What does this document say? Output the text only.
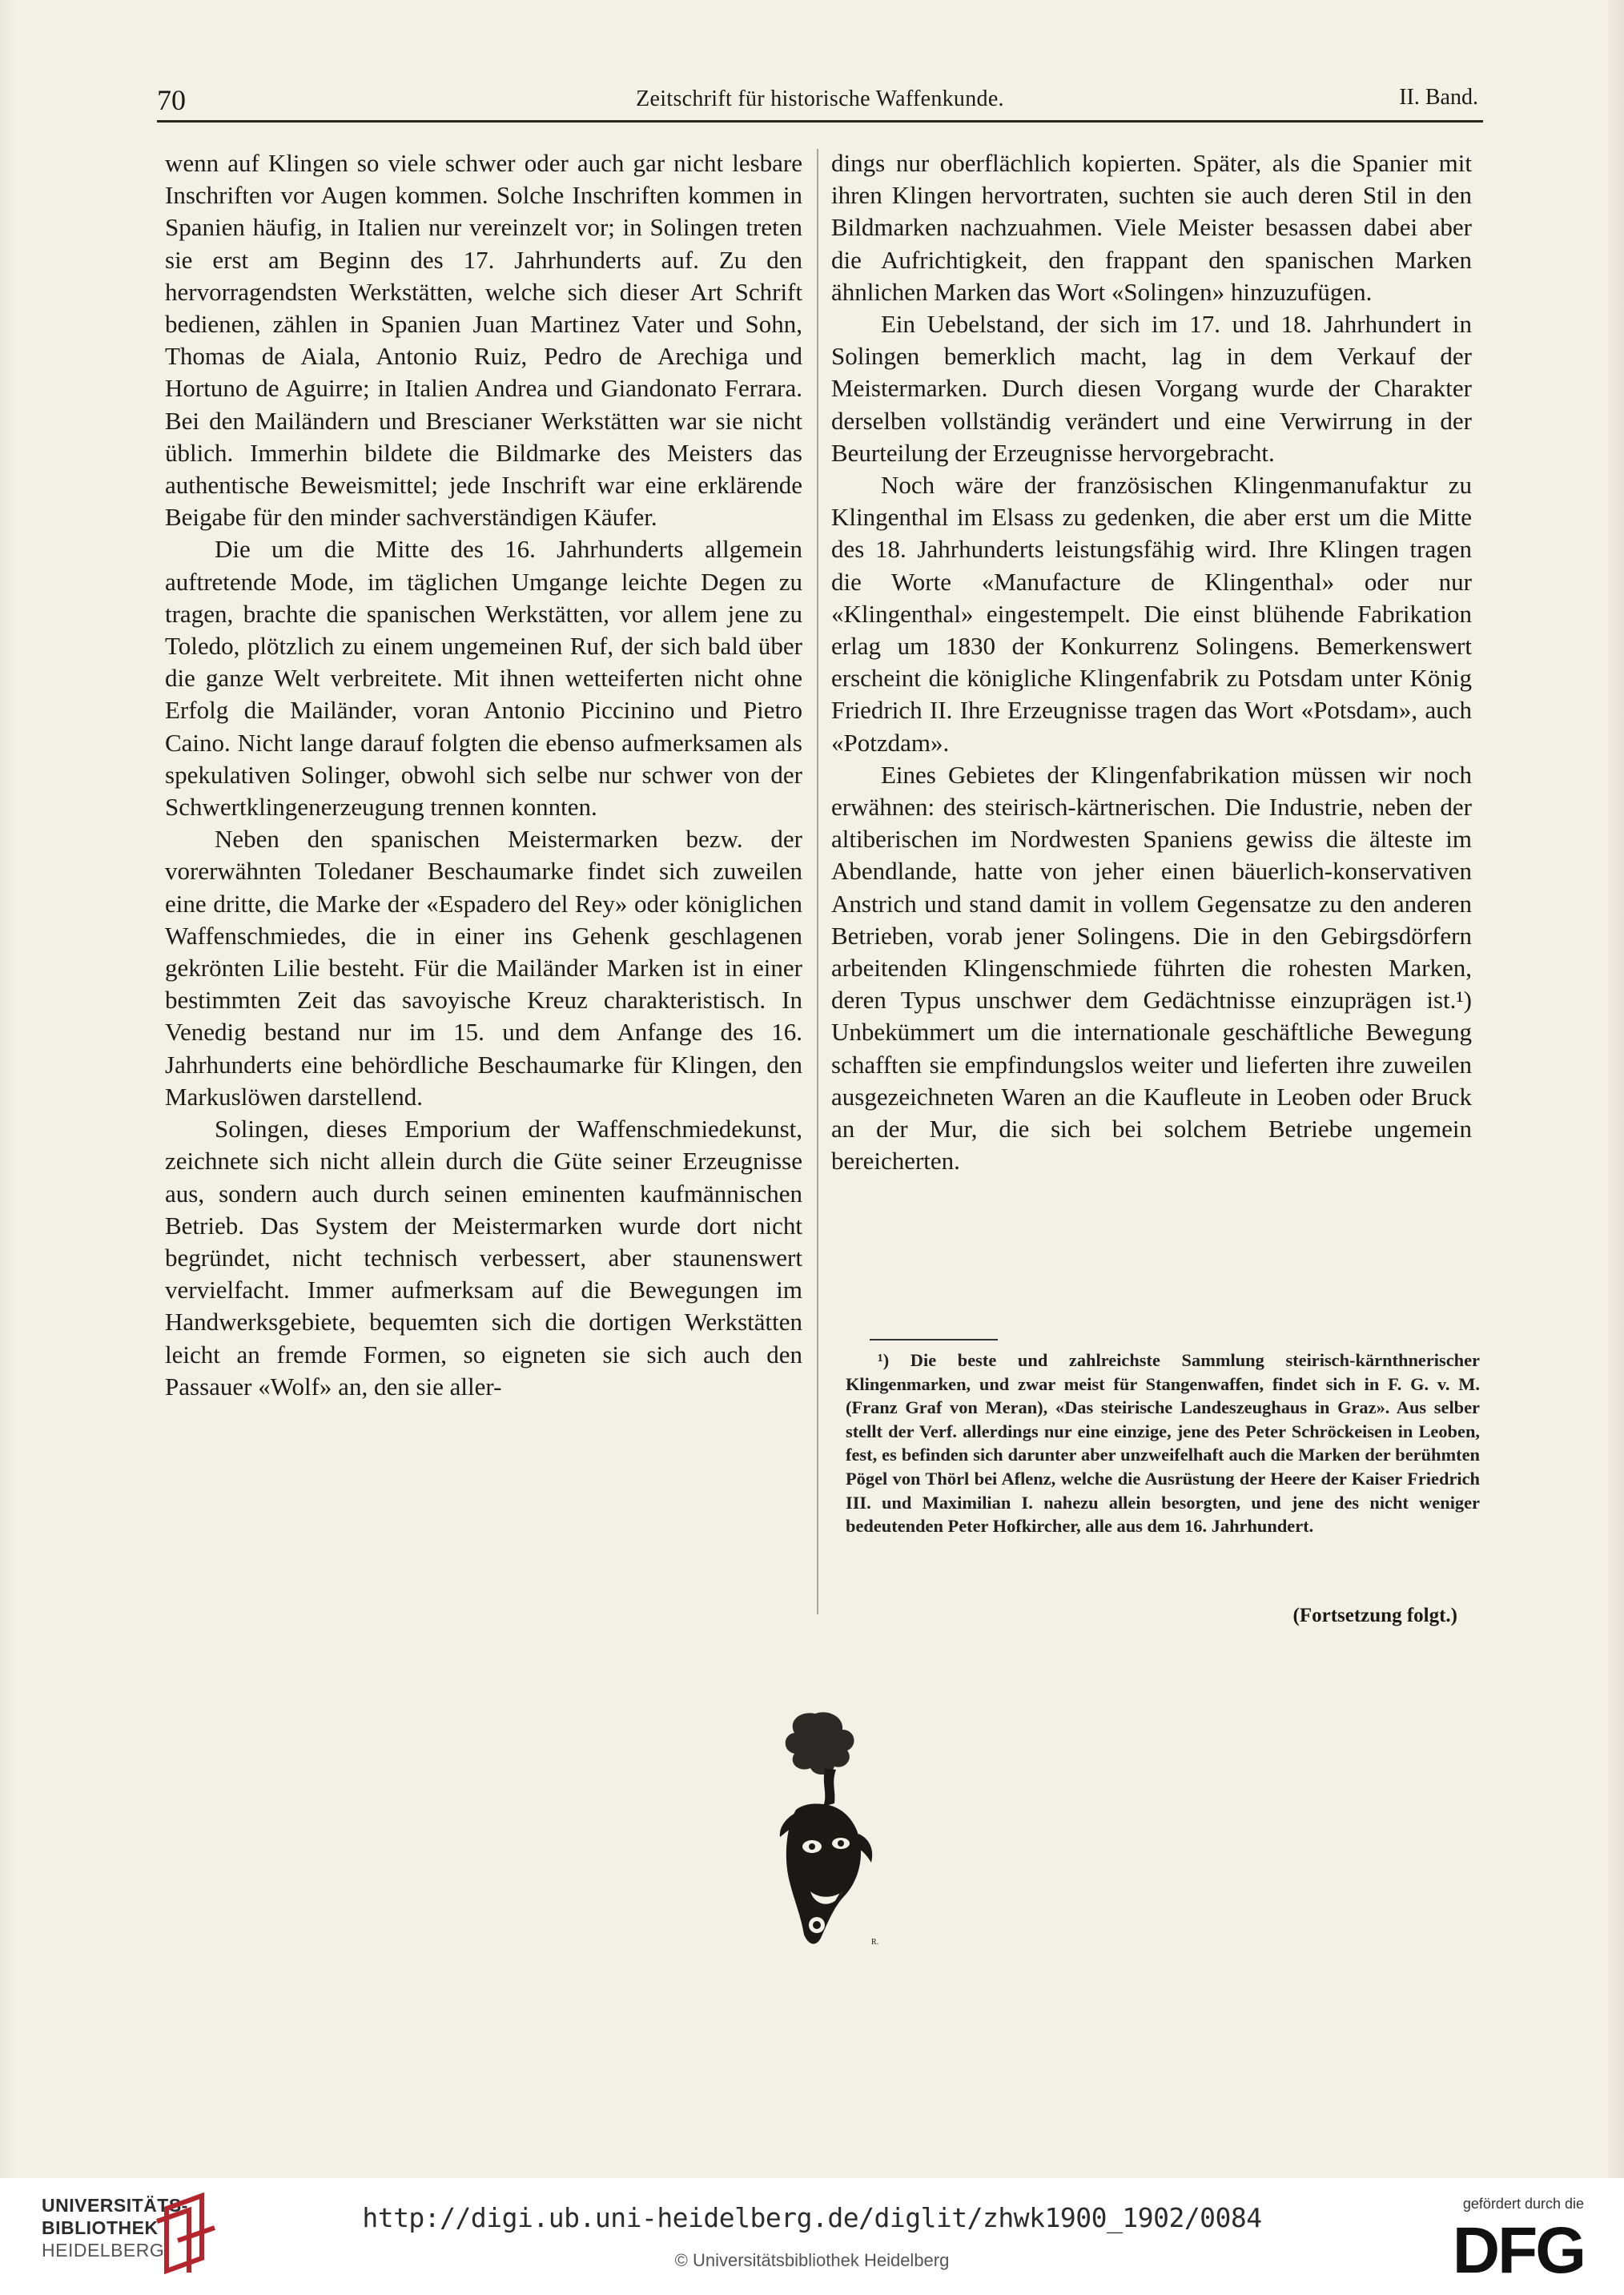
70	Zeitschrift für historische Waffenkunde.	II. Band.

wenn auf Klingen so viele schwer oder auch gar nicht lesbare Inschriften vor Augen kommen. Solche Inschriften kommen in Spanien häufig, in Italien nur vereinzelt vor; in Solingen treten sie erst am Beginn des 17. Jahrhunderts auf. Zu den hervorragendsten Werkstätten, welche sich dieser Art Schrift bedienen, zählen in Spanien Juan Martinez Vater und Sohn, Thomas de Aiala, Antonio Ruiz, Pedro de Arechiga und Hortuno de Aguirre; in Italien Andrea und Giandonato Ferrara. Bei den Mailändern und Brescianer Werkstätten war sie nicht üblich. Immerhin bildete die Bildmarke des Meisters das authentische Beweismittel; jede Inschrift war eine erklärende Beigabe für den minder sachverständigen Käufer.

Die um die Mitte des 16. Jahrhunderts allgemein auftretende Mode, im täglichen Umgange leichte Degen zu tragen, brachte die spanischen Werkstätten, vor allem jene zu Toledo, plötzlich zu einem ungemeinen Ruf, der sich bald über die ganze Welt verbreitete. Mit ihnen wetteiferten nicht ohne Erfolg die Mailänder, voran Antonio Piccinino und Pietro Caino. Nicht lange darauf folgten die ebenso aufmerksamen als spekulativen Solinger, obwohl sich selbe nur schwer von der Schwertklingenerzeugung trennen konnten.

Neben den spanischen Meistermarken bezw. der vorerwähnten Toledaner Beschaumarke findet sich zuweilen eine dritte, die Marke der «Espadero del Rey» oder königlichen Waffenschmiedes, die in einer ins Gehenk geschlagenen gekrönten Lilie besteht. Für die Mailänder Marken ist in einer bestimmten Zeit das savoyische Kreuz charakteristisch. In Venedig bestand nur im 15. und dem Anfange des 16. Jahrhunderts eine behördliche Beschaumarke für Klingen, den Markuslöwen darstellend.

Solingen, dieses Emporium der Waffenschmiedekunst, zeichnete sich nicht allein durch die Güte seiner Erzeugnisse aus, sondern auch durch seinen eminenten kaufmännischen Betrieb. Das System der Meistermarken wurde dort nicht begründet, nicht technisch verbessert, aber staunenswert vervielfacht. Immer aufmerksam auf die Bewegungen im Handwerksgebiete, bequemten sich die dortigen Werkstätten leicht an fremde Formen, so eigneten sie sich auch den Passauer «Wolf» an, den sie aller-

dings nur oberflächlich kopierten. Später, als die Spanier mit ihren Klingen hervortraten, suchten sie auch deren Stil in den Bildmarken nachzuahmen. Viele Meister besassen dabei aber die Aufrichtigkeit, den frappant den spanischen Marken ähnlichen Marken das Wort «Solingen» hinzuzufügen.

Ein Uebelstand, der sich im 17. und 18. Jahrhundert in Solingen bemerklich macht, lag in dem Verkauf der Meistermarken. Durch diesen Vorgang wurde der Charakter derselben vollständig verändert und eine Verwirrung in der Beurteilung der Erzeugnisse hervorgebracht.

Noch wäre der französischen Klingenmanufaktur zu Klingenthal im Elsass zu gedenken, die aber erst um die Mitte des 18. Jahrhunderts leistungsfähig wird. Ihre Klingen tragen die Worte «Manufacture de Klingenthal» oder nur «Klingenthal» eingestempelt. Die einst blühende Fabrikation erlag um 1830 der Konkurrenz Solingens. Bemerkenswert erscheint die königliche Klingenfabrik zu Potsdam unter König Friedrich II. Ihre Erzeugnisse tragen das Wort «Potsdam», auch «Potzdam».

Eines Gebietes der Klingenfabrikation müssen wir noch erwähnen: des steirisch-kärtnerischen. Die Industrie, neben der altiberischen im Nordwesten Spaniens gewiss die älteste im Abendlande, hatte von jeher einen bäuerlich-konservativen Anstrich und stand damit in vollem Gegensatze zu den anderen Betrieben, vorab jener Solingens. Die in den Gebirgsdörfern arbeitenden Klingenschmiede führten die rohesten Marken, deren Typus unschwer dem Gedächtnisse einzuprägen ist.¹) Unbekümmert um die internationale geschäftliche Bewegung schafften sie empfindungslos weiter und lieferten ihre zuweilen ausgezeichneten Waren an die Kaufleute in Leoben oder Bruck an der Mur, die sich bei solchem Betriebe ungemein bereicherten.

¹) Die beste und zahlreichste Sammlung steirisch-kärnthnerischer Klingenmarken, und zwar meist für Stangenwaffen, findet sich in F. G. v. M. (Franz Graf von Meran), «Das steirische Landeszeughaus in Graz». Aus selber stellt der Verf. allerdings nur eine einzige, jene des Peter Schröckeisen in Leoben, fest, es befinden sich darunter aber unzweifelhaft auch die Marken der berühmten Pögel von Thörl bei Aflenz, welche die Ausrüstung der Heere der Kaiser Friedrich III. und Maximilian I. nahezu allein besorgten, und jene des nicht weniger bedeutenden Peter Hofkircher, alle aus dem 16. Jahrhundert.

(Fortsetzung folgt.)
R.
UNIVERSITÄTS-
BIBLIOTHEK
HEIDELBERG
http://digi.ub.uni-heidelberg.de/diglit/zhwk1900_1902/0084
© Universitätsbibliothek Heidelberg
gefördert durch die
DFG
